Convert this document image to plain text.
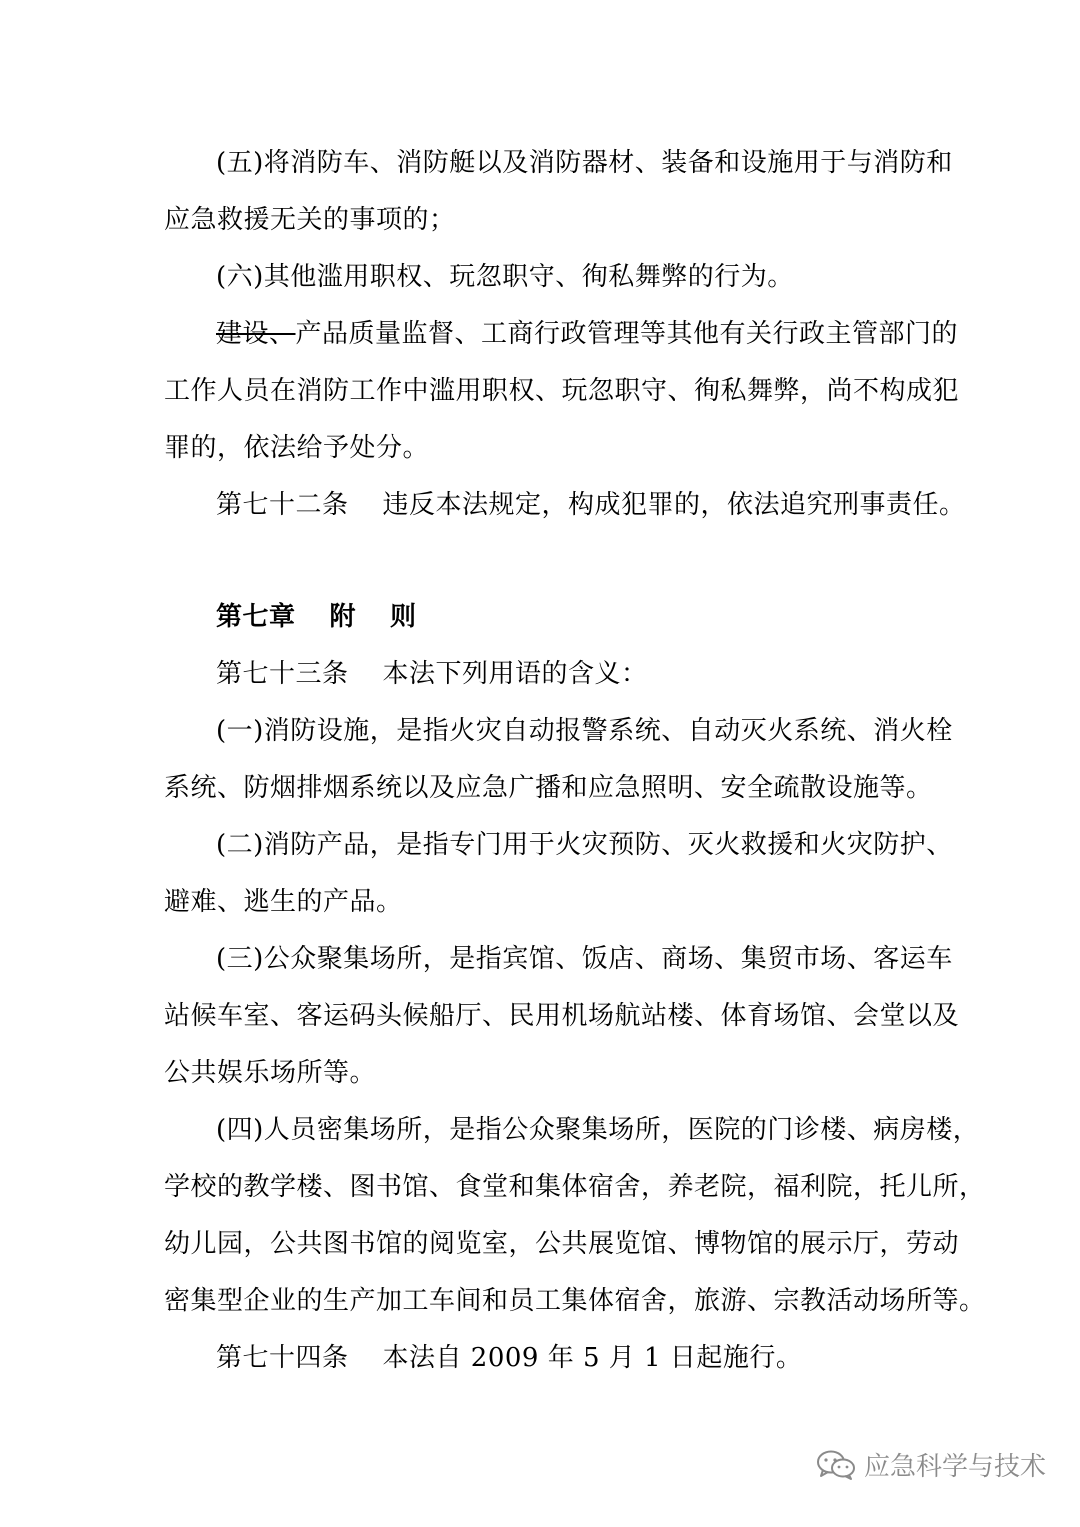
(五)将消防车、消防艇以及消防器材、装备和设施用于与消防和
应急救援无关的事项的；
(六)其他滥用职权、玩忽职守、徇私舞弊的行为。
建设、产品质量监督、工商行政管理等其他有关行政主管部门的
工作人员在消防工作中滥用职权、玩忽职守、徇私舞弊，尚不构成犯
罪的，依法给予处分。
第七十二条 违反本法规定，构成犯罪的，依法追究刑事责任。
第七章 附 则
第七十三条 本法下列用语的含义：
(一)消防设施，是指火灾自动报警系统、自动灭火系统、消火栓
系统、防烟排烟系统以及应急广播和应急照明、安全疏散设施等。
(二)消防产品，是指专门用于火灾预防、灭火救援和火灾防护、
避难、逃生的产品。
(三)公众聚集场所，是指宾馆、饭店、商场、集贸市场、客运车
站候车室、客运码头候船厅、民用机场航站楼、体育场馆、会堂以及
公共娱乐场所等。
(四)人员密集场所，是指公众聚集场所，医院的门诊楼、病房楼，
学校的教学楼、图书馆、食堂和集体宿舍，养老院，福利院，托儿所，
幼儿园，公共图书馆的阅览室，公共展览馆、博物馆的展示厅，劳动
密集型企业的生产加工车间和员工集体宿舍，旅游、宗教活动场所等。
第七十四条 本法自 2009 年 5 月 1 日起施行。
应急科学与技术
